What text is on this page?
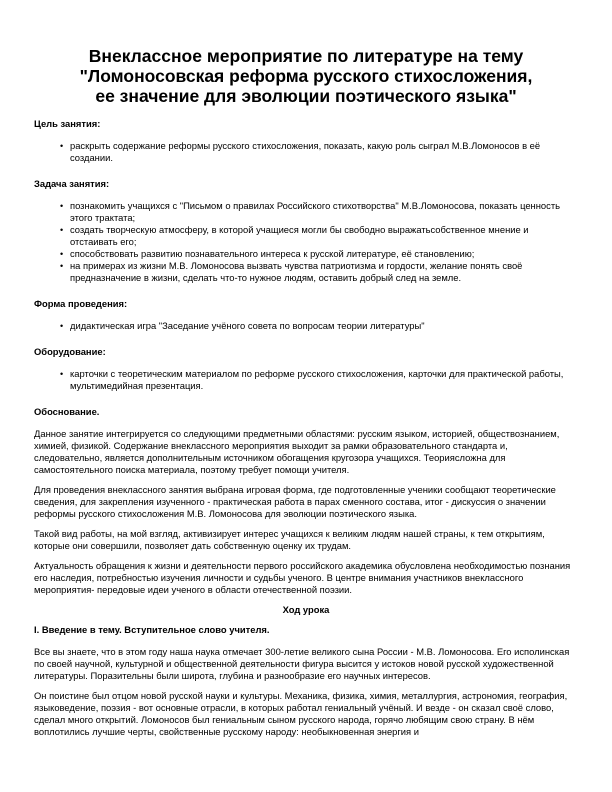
Внеклассное мероприятие по литературе на тему
"Ломоносовская реформа русского стихосложения,
ее значение для эволюции поэтического языка"
Цель занятия:
• раскрыть содержание реформы русского стихосложения, показать, какую роль сыграл М.В.Ломоносов в её создании.
Задача занятия:
• познакомить учащихся с "Письмом о правилах Российского стихотворства" М.В.Ломоносова, показать ценность этого трактата;
• создать творческую атмосферу, в которой учащиеся могли бы свободно выражатьсобственное мнение и отстаивать его;
• способствовать развитию познавательного интереса к русской литературе, её становлению;
• на примерах из жизни М.В. Ломоносова вызвать чувства патриотизма и гордости, желание понять своё предназначение в жизни, сделать что-то нужное людям, оставить добрый след на земле.
Форма проведения:
• дидактическая игра "Заседание учёного совета по вопросам теории литературы"
Оборудование:
• карточки с теоретическим материалом по реформе русского стихосложения, карточки для практической работы, мультимедийная презентация.
Обоснование.

Данное занятие интегрируется со следующими предметными областями: русским языком, историей, обществознанием, химией, физикой. Содержание внеклассного мероприятия выходит за рамки образовательного стандарта и, следовательно, является дополнительным источником обогащения кругозора учащихся. Теориясложна для самостоятельного поиска материала, поэтому требует помощи учителя.

Для проведения внеклассного занятия выбрана игровая форма, где подготовленные ученики сообщают теоретические сведения, для закрепления изученного - практическая работа в парах сменного состава, итог - дискуссия о значении реформы русского стихосложения М.В. Ломоносова для эволюции поэтического языка.

Такой вид работы, на мой взгляд, активизирует интерес учащихся к великим людям нашей страны, к тем открытиям, которые они совершили, позволяет дать собственную оценку их трудам.

Актуальность обращения к жизни и деятельности первого российского академика обусловлена необходимостью познания его наследия, потребностью изучения личности и судьбы ученого. В центре внимания участников внеклассного мероприятия- передовые идеи ученого в области отечественной поэзии.

Ход урока
I. Введение в тему. Вступительное слово учителя.

Все вы знаете, что в этом году наша наука отмечает 300-летие великого сына России - М.В. Ломоносова. Его исполинская по своей научной, культурной и общественной деятельности фигура высится у истоков новой русской художественной литературы. Поразительны были широта, глубина и разнообразие его научных интересов.

Он поистине был отцом новой русской науки и культуры. Механика, физика, химия, металлургия, астрономия, география, языковедение, поэзия - вот основные отрасли, в которых работал гениальный учёный. И везде - он сказал своё слово, сделал много открытий. Ломоносов был гениальным сыном русского народа, горячо любящим свою страну. В нём воплотились лучшие черты, свойственные русскому народу: необыкновенная энергия и
